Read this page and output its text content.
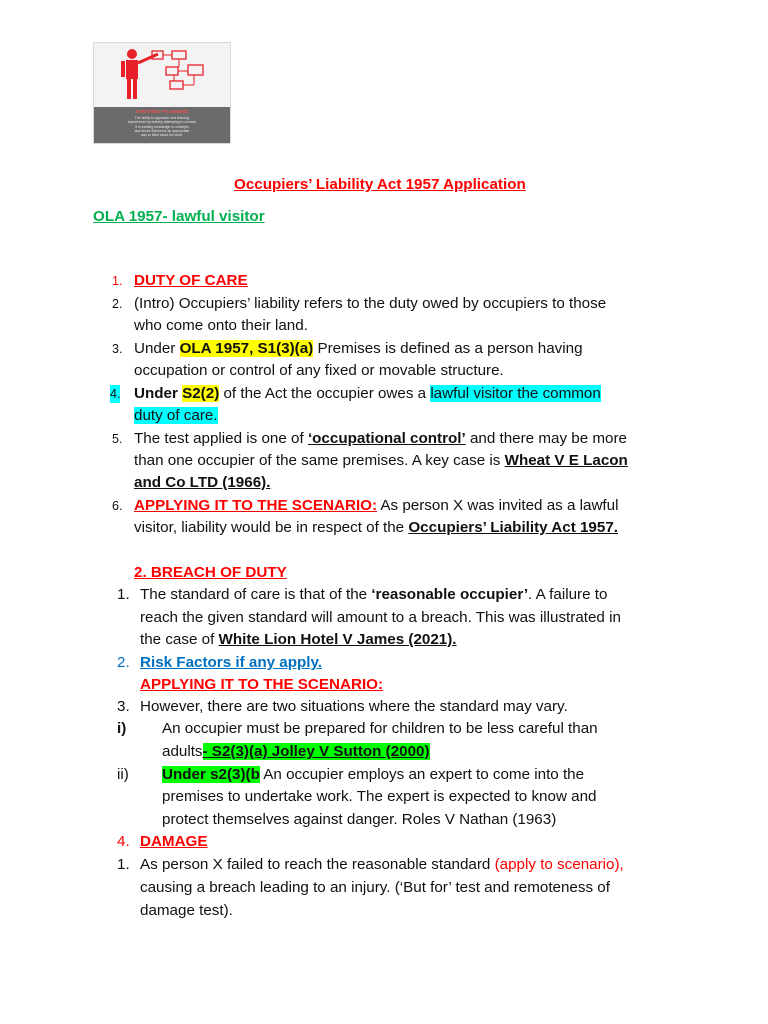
STRATEGY PLANNING
The ability to approach new learning
experiences by actively attempting to connect
it to existing knowledge or concepts
and hence determine an appropriate
way to think about the work.
Occupiers’ Liability Act 1957 Application
OLA 1957- lawful visitor
1. DUTY OF CARE
2. (Intro) Occupiers’ liability refers to the duty owed by occupiers to those
who come onto their land.
3. Under OLA 1957, S1(3)(a) Premises is defined as a person having
occupation or control of any fixed or movable structure.
4. Under S2(2) of the Act the occupier owes a lawful visitor the common
duty of care.
5. The test applied is one of ‘occupational control’ and there may be more
than one occupier of the same premises. A key case is Wheat V E Lacon
and Co LTD (1966).
6. APPLYING IT TO THE SCENARIO: As person X was invited as a lawful
visitor, liability would be in respect of the Occupiers’ Liability Act 1957.
2. BREACH OF DUTY
1. The standard of care is that of the ‘reasonable occupier’. A failure to
reach the given standard will amount to a breach. This was illustrated in
the case of White Lion Hotel V James (2021).
2. Risk Factors if any apply.
APPLYING IT TO THE SCENARIO:
3. However, there are two situations where the standard may vary.
i) An occupier must be prepared for children to be less careful than
adults- S2(3)(a) Jolley V Sutton (2000)
ii) Under s2(3)(b An occupier employs an expert to come into the
premises to undertake work. The expert is expected to know and
protect themselves against danger. Roles V Nathan (1963)
4. DAMAGE
1. As person X failed to reach the reasonable standard (apply to scenario),
causing a breach leading to an injury. (‘But for’ test and remoteness of
damage test).
